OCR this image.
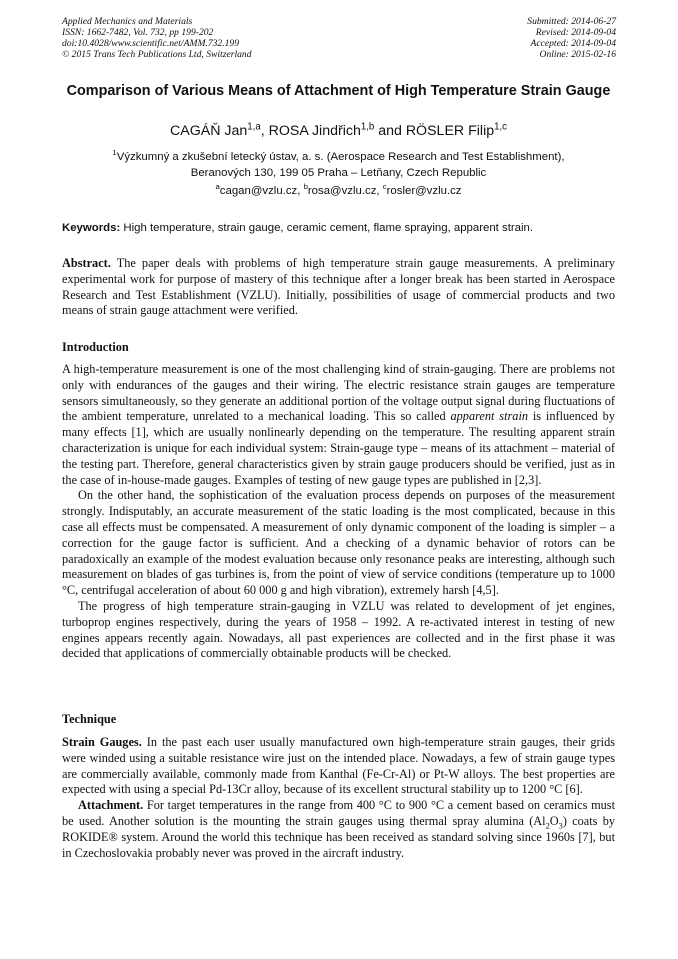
Applied Mechanics and Materials
ISSN: 1662-7482, Vol. 732, pp 199-202
doi:10.4028/www.scientific.net/AMM.732.199
© 2015 Trans Tech Publications Ltd, Switzerland
Submitted: 2014-06-27
Revised: 2014-09-04
Accepted: 2014-09-04
Online: 2015-02-16
Comparison of Various Means of Attachment of High Temperature Strain Gauge
CAGÁŇ Jan$^{1,a}$, ROSA Jindřich$^{1,b}$ and RÖSLER Filip$^{1,c}$
$^1$Výzkumný a zkušební letecký ústav, a. s. (Aerospace Research and Test Establishment),
Beranových 130, 199 05 Praha – Letňany, Czech Republic
$^a$cagan@vzlu.cz, $^b$rosa@vzlu.cz, $^c$rosler@vzlu.cz
Keywords: High temperature, strain gauge, ceramic cement, flame spraying, apparent strain.

Abstract. The paper deals with problems of high temperature strain gauge measurements. A preliminary experimental work for purpose of mastery of this technique after a longer break has been started in Aerospace Research and Test Establishment (VZLU). Initially, possibilities of usage of commercial products and two means of strain gauge attachment were verified.

Introduction

A high-temperature measurement is one of the most challenging kind of strain-gauging. There are problems not only with endurances of the gauges and their wiring. The electric resistance strain gauges are temperature sensors simultaneously, so they generate an additional portion of the voltage output signal during fluctuations of the ambient temperature, unrelated to a mechanical loading. This so called apparent strain is influenced by many effects [1], which are usually nonlinearly depending on the temperature. The resulting apparent strain characterization is unique for each individual system: Strain-gauge type – means of its attachment – material of the testing part. Therefore, general characteristics given by strain gauge producers should be verified, just as in the case of in-house-made gauges. Examples of testing of new gauge types are published in [2,3].

On the other hand, the sophistication of the evaluation process depends on purposes of the measurement strongly. Indisputably, an accurate measurement of the static loading is the most complicated, because in this case all effects must be compensated. A measurement of only dynamic component of the loading is simpler – a correction for the gauge factor is sufficient. And a checking of a dynamic behavior of rotors can be paradoxically an example of the modest evaluation because only resonance peaks are interesting, although such measurement on blades of gas turbines is, from the point of view of service conditions (temperature up to 1000 °C, centrifugal acceleration of about 60 000 g and high vibration), extremely harsh [4,5].

The progress of high temperature strain-gauging in VZLU was related to development of jet engines, turboprop engines respectively, during the years of 1958 – 1992. A re-activated interest in testing of new engines appears recently again. Nowadays, all past experiences are collected and in the first phase it was decided that applications of commercially obtainable products will be checked.

Technique

Strain Gauges. In the past each user usually manufactured own high-temperature strain gauges, their grids were winded using a suitable resistance wire just on the intended place. Nowadays, a few of strain gauge types are commercially available, commonly made from Kanthal (Fe-Cr-Al) or Pt-W alloys. The best properties are expected with using a special Pd-13Cr alloy, because of its excellent structural stability up to 1200 °C [6].

Attachment. For target temperatures in the range from 400 °C to 900 °C a cement based on ceramics must be used. Another solution is the mounting the strain gauges using thermal spray alumina $(Al_2O_3)$ coats by ROKIDE® system. Around the world this technique has been received as standard solving since 1960s [7], but in Czechoslovakia probably never was proved in the aircraft industry.
